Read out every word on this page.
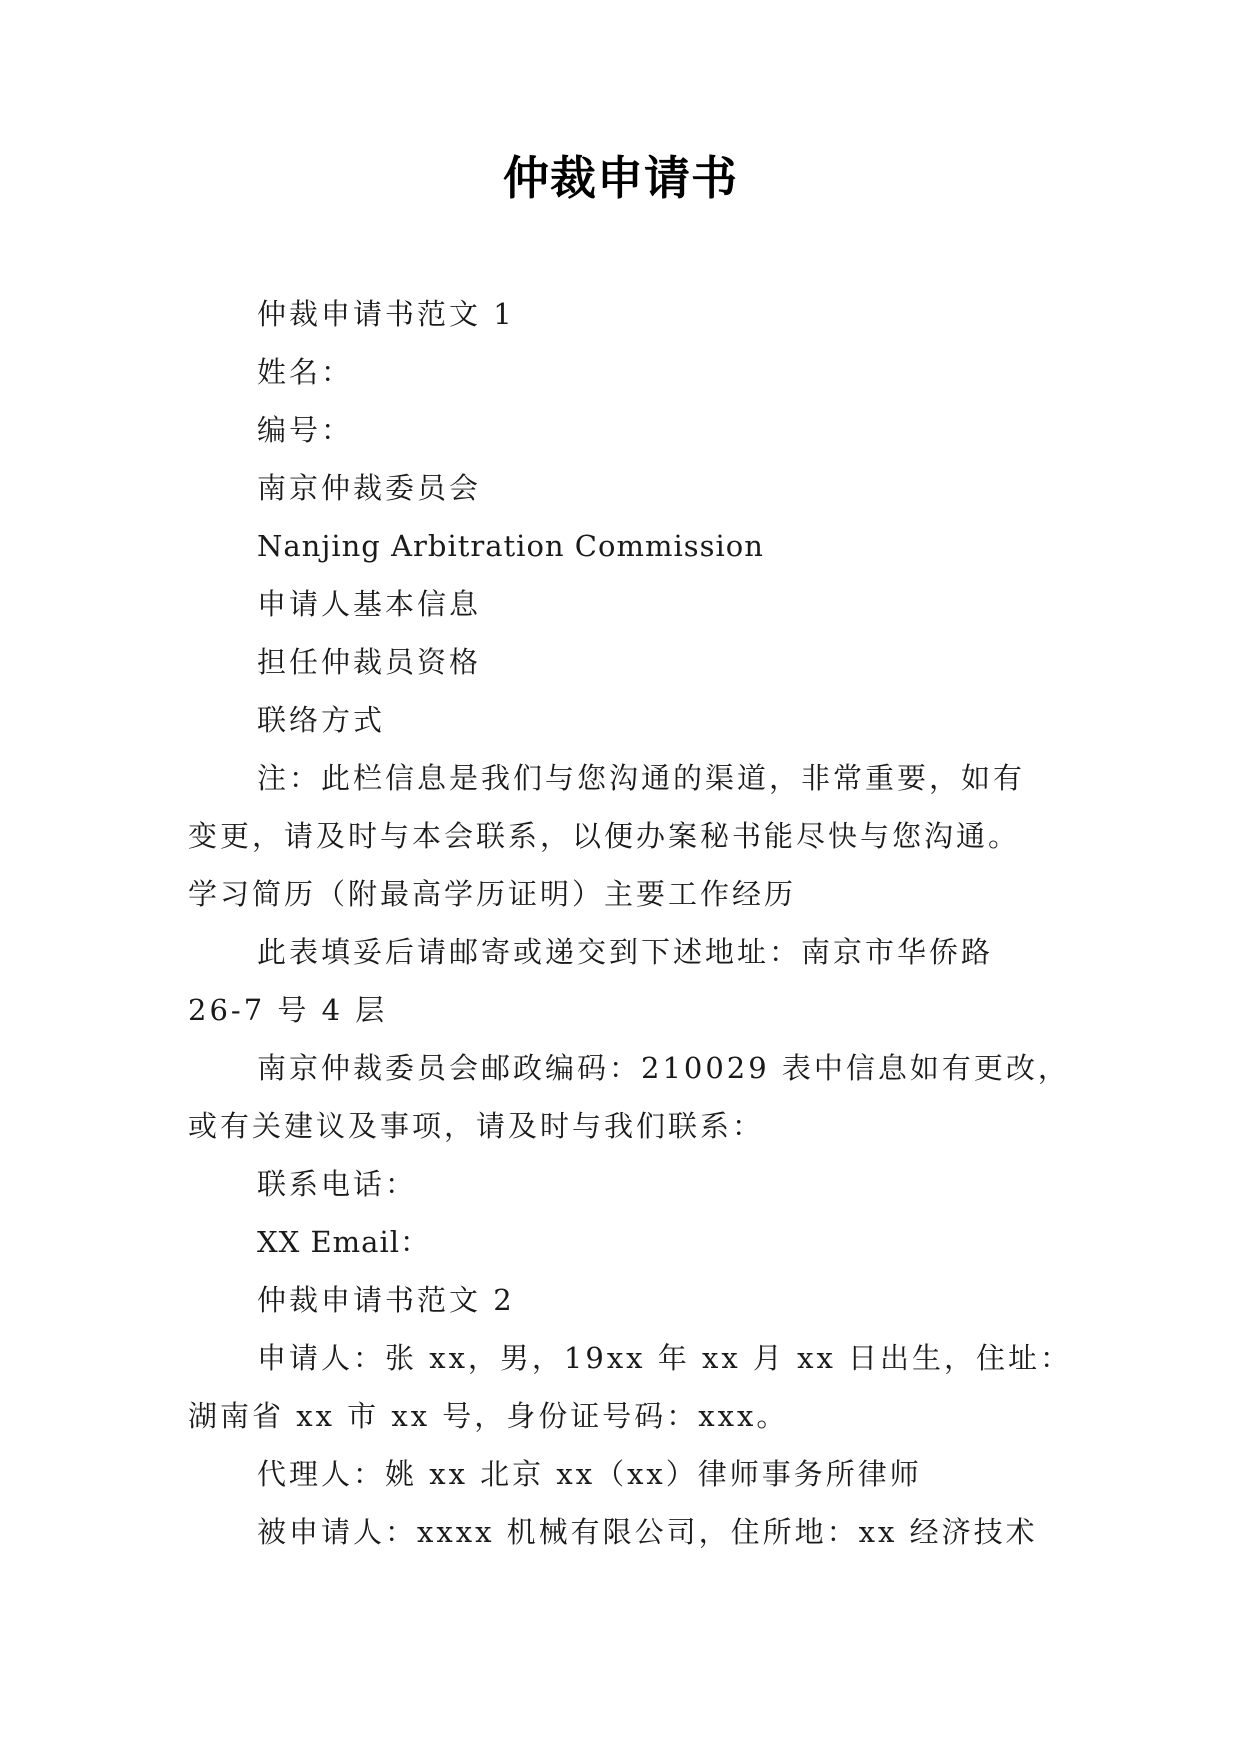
仲裁申请书
仲裁申请书范文 1
姓名：
编号：
南京仲裁委员会
Nanjing Arbitration Commission
申请人基本信息
担任仲裁员资格
联络方式
注：此栏信息是我们与您沟通的渠道，非常重要，如有
变更，请及时与本会联系，以便办案秘书能尽快与您沟通。
学习简历（附最高学历证明）主要工作经历
此表填妥后请邮寄或递交到下述地址：南京市华侨路
26-7 号 4 层
南京仲裁委员会邮政编码：210029 表中信息如有更改，
或有关建议及事项，请及时与我们联系：
联系电话：
XX Email：
仲裁申请书范文 2
申请人：张 xx，男，19xx 年 xx 月 xx 日出生，住址：
湖南省 xx 市 xx 号，身份证号码：xxx。
代理人：姚 xx 北京 xx（xx）律师事务所律师
被申请人：xxxx 机械有限公司，住所地：xx 经济技术
